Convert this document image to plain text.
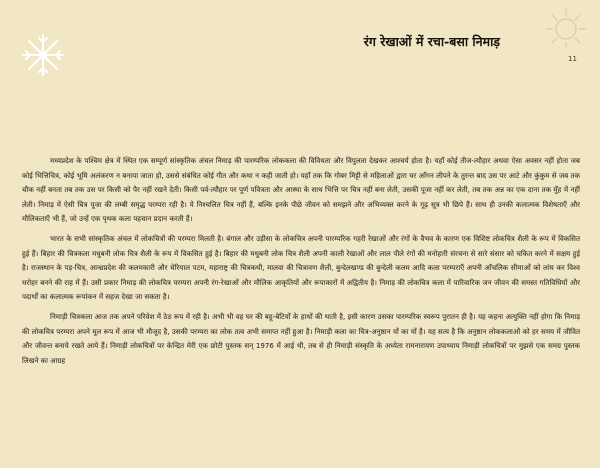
रंग रेखाओं में रचा-बसा निमाड़
11

मध्यप्रदेश के पश्चिम क्षेत्र में स्थित एक सम्पूर्ण सांस्कृतिक अंचल निमाड़ की पारम्परिक लोककला की विविधता और विपुलता देखकर आश्चर्य होता है। यहाँ कोई तीज-त्यौहार अथवा ऐसा अवसर नहीं होता जब कोई भित्तिचित्र, कोई भूमि अलंकरण न बनाया जाता हो, उससे संबंधित कोई गीत और कथा न कही जाती हो। यहाँ तक कि गोबर मिट्टी से महिलाओं द्वारा घर आँगन लीपने के तुरन्त बाद उस पर आटे और कुंकुम से जब तक चौक नहीं बनता तब तक उस पर किसी को पैर नहीं रखने देती। किसी पर्व-त्यौहार पर पूर्ण पवित्रता और आस्था के साथ भित्ति पर चित्र नहीं बना लेती, उसकी पूजा नहीं कर लेती, तब तक अन्न का एक दाना तक मुँह में नहीं लेती। निमाड़ में ऐसी चित्र पूजा की लम्बी समृद्ध परम्परा रही है। ये निश्चलित चित्र नहीं हैं, बल्कि इनके पीछे जीवन को समझने और अभिव्यक्त करने के गूढ़ सूत्र भी छिपे हैं। साथ ही उनकी कलात्मक विशेषताएँ और मौलिकताएँ भी हैं, जो उन्हें एक पृथक कला पहचान प्रदान करती हैं।

भारत के सभी सांस्कृतिक अंचल में लोकचित्रों की परम्परा मिलती है। बंगाल और उड़ीसा के लोकचित्र अपनी पारम्परिक गहरी रेखाओं और रंगों के वैभव के कारण एक विशिष्ट लोकचित्र शैली के रूप में विकसित हुई हैं। बिहार की चित्रकला मधुबनी लोक चित्र शैली के रूप में विकसित हुई है। बिहार की मधुबनी लोक चित्र शैली अपनी काली रेखाओं और लाल पीले रंगों की मनोहारी संरचना से सारे संसार को चकित करने में सक्षम हुई है। राजस्थान के पड़-चित्र, आन्ध्रप्रदेश की कलमकारी और चेरियाल पटम, महाराष्ट्र की चित्रकथी, मालवा की चित्रावण शैली, बुन्देलखण्ड की बुन्देली कलम आदि कला परम्पराएँ अपनी आँचलिक सीमाओं को लांघ कर विश्व धरोहर बनने की राह में हैं। उसी प्रकार निमाड़ की लोकचित्र परम्परा अपनी रंग-रेखाओं और मौलिक आकृतियों और रूपाकारों में अद्वितीय है। निमाड़ की लोकचित्र कला में पारिवारिक जन जीवन की समस्त गतिविधियों और पदार्थों का कलात्मक रूपांकन में सहज देखा जा सकता है।

निमाड़ी चित्रकला आज तक अपने परिवेश में ठेठ रूप में रही है। अभी भी वह घर की बहू-बेटियों के हाथों की थाती है, इसी कारण उसका पारम्परिक स्वरूप पुरातन ही है। यह कहना अत्युक्ति नहीं होगा कि निमाड़ की लोकचित्र परम्परा अपने मूल रूप में आज भी मौजूद है, उसकी परम्परा का लोक तत्व अभी समाप्त नहीं हुआ है। निमाड़ी कला का चित्र-अनुष्ठान यों का यों है। यह सत्य है कि अनुष्ठान लोककलाओं को हर समय में जीवित और जीवन्त बनाये रखते आये हैं। निमाड़ी लोकचित्रों पर केन्द्रित मेरी एक छोटी पुस्तक सन् 1976 में आई थी, तब से ही निमाड़ी संस्कृति के अध्येता रामनारायण उपाध्याय निमाड़ी लोकचित्रों पर मुझसे एक समग्र पुस्तक लिखने का आग्रह
